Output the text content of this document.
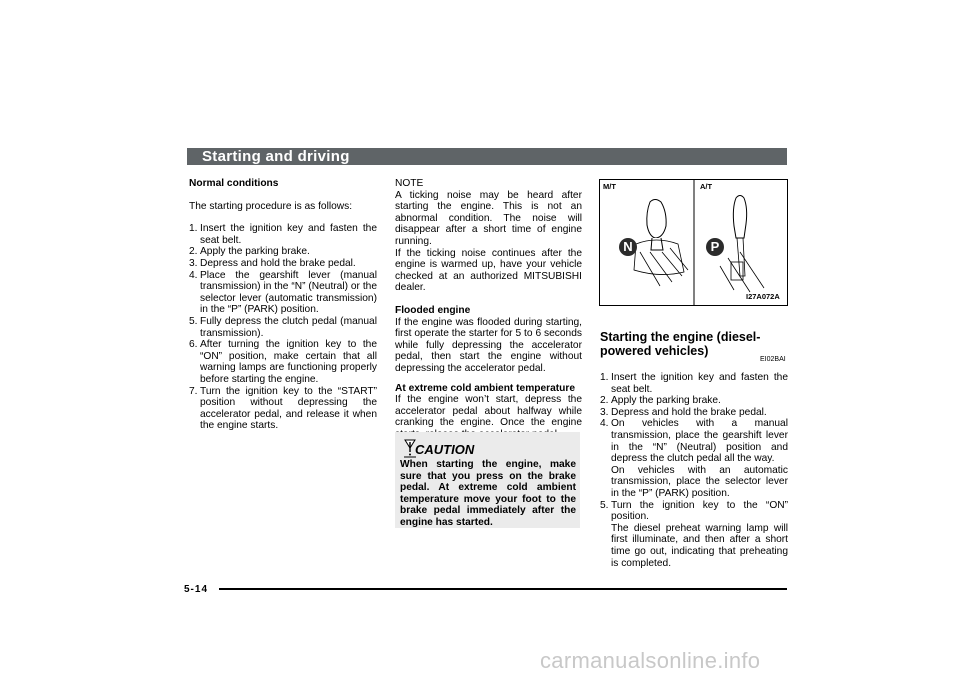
Starting and driving

Normal conditions

The starting procedure is as follows:

1. Insert the ignition key and fasten the seat belt.
2. Apply the parking brake.
3. Depress and hold the brake pedal.
4. Place the gearshift lever (manual transmission) in the “N” (Neutral) or the selector lever (automatic transmission) in the “P” (PARK) position.
5. Fully depress the clutch pedal (manual transmission).
6. After turning the ignition key to the “ON” position, make certain that all warning lamps are functioning properly before starting the engine.
7. Turn the ignition key to the “START” position without depressing the accelerator pedal, and release it when the engine starts.

NOTE

A ticking noise may be heard after starting the engine. This is not an abnormal condition. The noise will disappear after a short time of engine running.

If the ticking noise continues after the engine is warmed up, have your vehicle checked at an authorized MITSUBISHI dealer.

Flooded engine

If the engine was flooded during starting, first operate the starter for 5 to 6 seconds while fully depressing the accelerator pedal, then start the engine without depressing the accelerator pedal.

At extreme cold ambient temperature

If the engine won’t start, depress the accelerator pedal about halfway while cranking the engine. Once the engine

CAUTION
When starting the engine, make sure that you press on the brake pedal. At extreme cold ambient temperature move your foot to the brake pedal immediately after the engine has started.
M/T	A/T
N	P
I27A072A
Starting the engine (diesel-powered vehicles)
EI02BAI
1. Insert the ignition key and fasten the seat belt.
2. Apply the parking brake.
3. Depress and hold the brake pedal.
4. On vehicles with a manual transmission, place the gearshift lever in the “N” (Neutral) position and depress the clutch pedal all the way.
On vehicles with an automatic transmission, place the selector lever in the “P” (PARK) position.
5. Turn the ignition key to the “ON” position.
The diesel preheat warning lamp will first illuminate, and then after a short time go out, indicating that preheating is completed.
5-14
carmanualsonline.info
